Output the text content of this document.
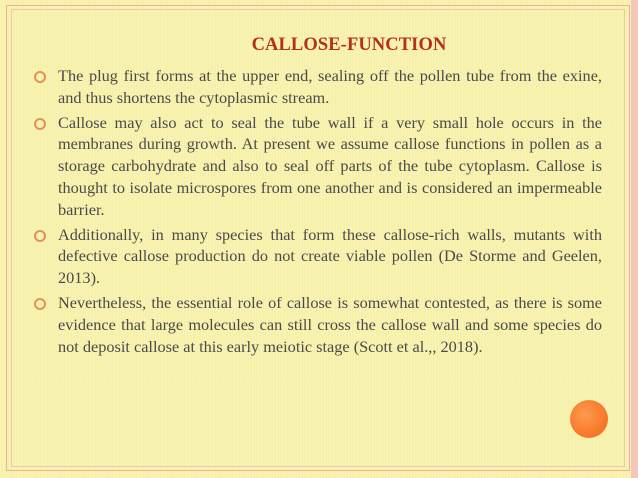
CALLOSE-FUNCTION
The plug first forms at the upper end, sealing off the pollen tube from the exine, and thus shortens the cytoplasmic stream.
Callose may also act to seal the tube wall if a very small hole occurs in the membranes during growth. At present we assume callose functions in pollen as a storage carbohydrate and also to seal off parts of the tube cytoplasm. Callose is thought to isolate microspores from one another and is considered an impermeable barrier.
Additionally, in many species that form these callose-rich walls, mutants with defective callose production do not create viable pollen (De Storme and Geelen, 2013).
Nevertheless, the essential role of callose is somewhat contested, as there is some evidence that large molecules can still cross the callose wall and some species do not deposit callose at this early meiotic stage (Scott et al.,, 2018).
